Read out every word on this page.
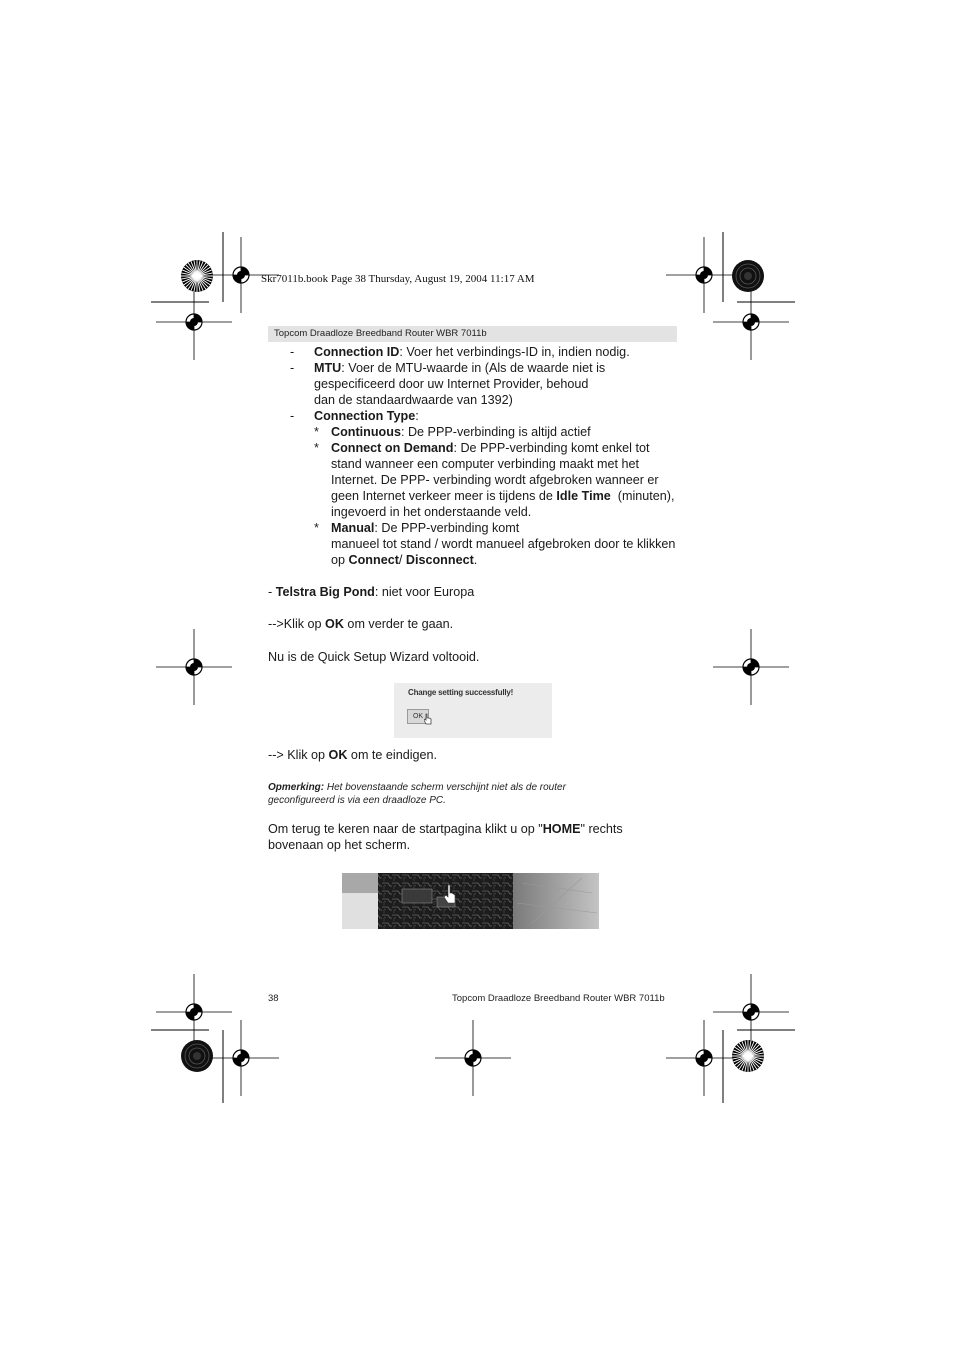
Skr7011b.book Page 38 Thursday, August 19, 2004 11:17 AM
Topcom Draadloze Breedband Router WBR 7011b
- Connection ID: Voer het verbindings-ID in, indien nodig.
- MTU: Voer de MTU-waarde in (Als de waarde niet is
gespecificeerd door uw Internet Provider, behoud
dan de standaardwaarde van 1392)
- Connection Type:
* Continuous: De PPP-verbinding is altijd actief
* Connect on Demand: De PPP-verbinding komt enkel tot
stand wanneer een computer verbinding maakt met het
Internet. De PPP- verbinding wordt afgebroken wanneer er
geen Internet verkeer meer is tijdens de Idle Time  (minuten),
ingevoerd in het onderstaande veld.
* Manual: De PPP-verbinding komt
manueel tot stand / wordt manueel afgebroken door te klikken
op Connect/ Disconnect.
- Telstra Big Pond: niet voor Europa
-->Klik op OK om verder te gaan.
Nu is de Quick Setup Wizard voltooid.
Change setting successfully!
OK
--> Klik op OK om te eindigen.
Opmerking: Het bovenstaande scherm verschijnt niet als de router
geconfigureerd is via een draadloze PC.
Om terug te keren naar de startpagina klikt u op "HOME" rechts
bovenaan op het scherm.
38	Topcom Draadloze Breedband Router WBR 7011b
